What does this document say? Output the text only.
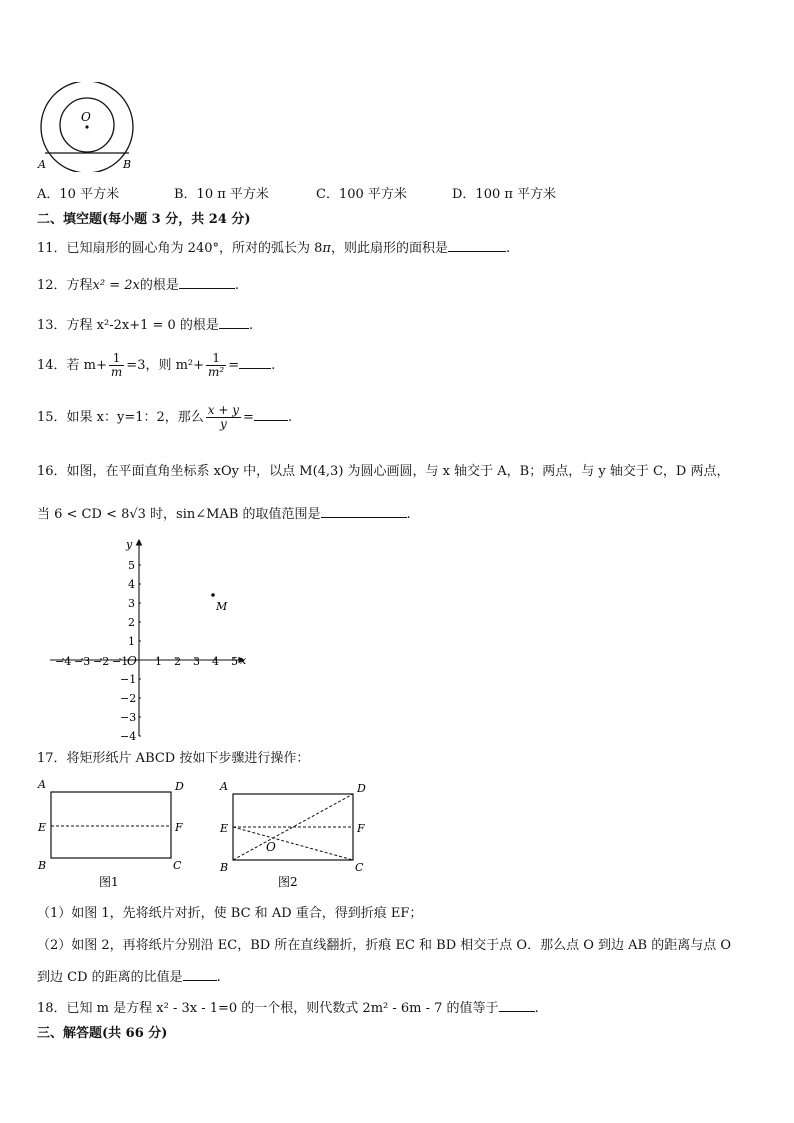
O
A	B
A．10 平方米	B．10 π 平方米	C．100 平方米	D．100 π 平方米
二、填空题(每小题 3 分，共 24 分)
11．已知扇形的圆心角为 240°，所对的弧长为 8π，则此扇形的面积是	.
12．方程x² = 2x的根是	.
13．方程 x²-2x+1 = 0 的根是 .
14．若 $m+ \frac{1}{m} =3$，则 $m^2+ \frac{1}{\text{m²}}$ = .
15．如果 x：y=1：2，那么 $\frac{x + y}{y}$ =	.
16．如图，在平面直角坐标系 xOy 中，以点 M(4,3) 为圆心画圆，与 x 轴交于 A，B；两点，与 y 轴交于 C，D 两点，
当 6 < CD < 8√3 时，sin∠MAB 的取值范围是	.
−4 −3 −2 −1 1 2 3 4 5
5
4
3
2
1
−1
−2
−3
−4
x
y
O
M
17．将矩形纸片 ABCD 按如下步骤进行操作：
A	D
E	F
B	C
图1
A	D
E	F
O
B	C
图2
（1）如图 1，先将纸片对折，使 BC 和 AD 重合，得到折痕 EF；
（2）如图 2，再将纸片分别沿 EC，BD 所在直线翻折，折痕 EC 和 BD 相交于点 O．那么点 O 到边 AB 的距离与点 O
到边 CD 的距离的比值是	.
18．已知 m 是方程 x² - 3x - 1=0 的一个根，则代数式 2m² - 6m - 7 的值等于	.
三、解答题(共 66 分)
